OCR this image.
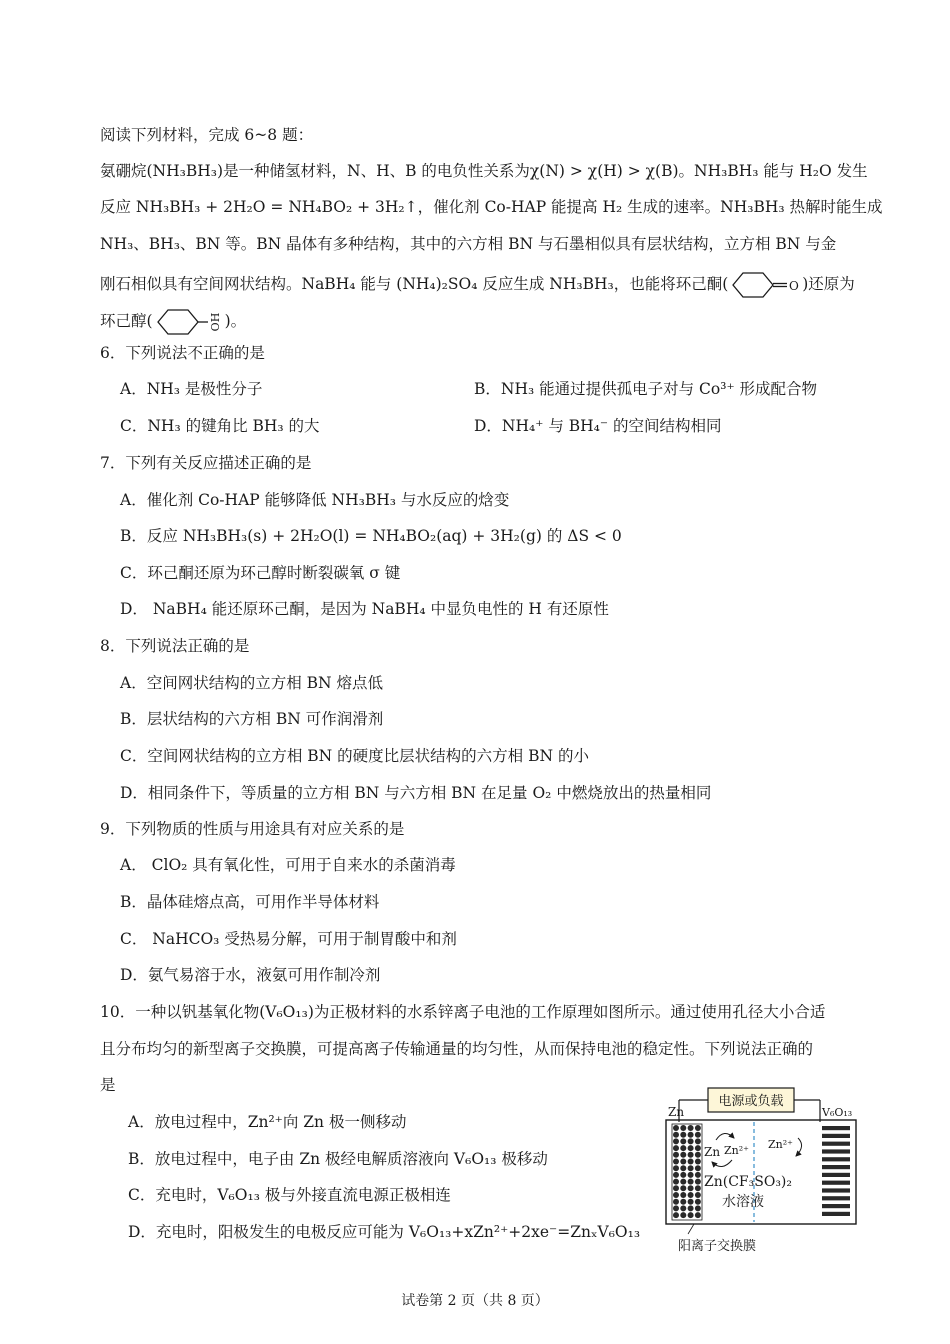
阅读下列材料，完成 6~8 题：
氨硼烷(NH₃BH₃)是一种储氢材料，N、H、B 的电负性关系为χ(N) > χ(H) > χ(B)。NH₃BH₃ 能与 H₂O 发生
反应 NH₃BH₃ + 2H₂O = NH₄BO₂ + 3H₂↑，催化剂 Co-HAP 能提高 H₂ 生成的速率。NH₃BH₃ 热解时能生成
NH₃、BH₃、BN 等。BN 晶体有多种结构，其中的六方相 BN 与石墨相似具有层状结构，立方相 BN 与金
刚石相似具有空间网状结构。NaBH₄ 能与 (NH₄)₂SO₄ 反应生成 NH₃BH₃，也能将环己酮(	O )还原为
环己醇(	OH )。
6．下列说法不正确的是
A．NH₃ 是极性分子	B．NH₃ 能通过提供孤电子对与 Co³⁺ 形成配合物
C．NH₃ 的键角比 BH₃ 的大	D．NH₄⁺ 与 BH₄⁻ 的空间结构相同
7．下列有关反应描述正确的是
A．催化剂 Co-HAP 能够降低 NH₃BH₃ 与水反应的焓变
B．反应 NH₃BH₃(s) + 2H₂O(l) = NH₄BO₂(aq) + 3H₂(g) 的 ΔS < 0
C．环己酮还原为环己醇时断裂碳氧 σ 键
D． NaBH₄ 能还原环己酮，是因为 NaBH₄ 中显负电性的 H 有还原性
8．下列说法正确的是
A．空间网状结构的立方相 BN 熔点低
B．层状结构的六方相 BN 可作润滑剂
C．空间网状结构的立方相 BN 的硬度比层状结构的六方相 BN 的小
D．相同条件下，等质量的立方相 BN 与六方相 BN 在足量 O₂ 中燃烧放出的热量相同
9．下列物质的性质与用途具有对应关系的是
A． ClO₂ 具有氧化性，可用于自来水的杀菌消毒
B．晶体硅熔点高，可用作半导体材料
C． NaHCO₃ 受热易分解，可用于制胃酸中和剂
D．氨气易溶于水，液氨可用作制冷剂
10．一种以钒基氧化物(V₆O₁₃)为正极材料的水系锌离子电池的工作原理如图所示。通过使用孔径大小合适
且分布均匀的新型离子交换膜，可提高离子传输通量的均匀性，从而保持电池的稳定性。下列说法正确的
是
A．放电过程中，Zn²⁺向 Zn 极一侧移动
B．放电过程中，电子由 Zn 极经电解质溶液向 V₆O₁₃ 极移动
C．充电时，V₆O₁₃ 极与外接直流电源正极相连
D．充电时，阳极发生的电极反应可能为 V₆O₁₃+xZn²⁺+2xe⁻=ZnₓV₆O₁₃
电源或负载
Zn	V₆O₁₃
Zn Zn²⁺ Zn²⁺
Zn(CF₃SO₃)₂
水溶液
阳离子交换膜
试卷第 2 页（共 8 页）
